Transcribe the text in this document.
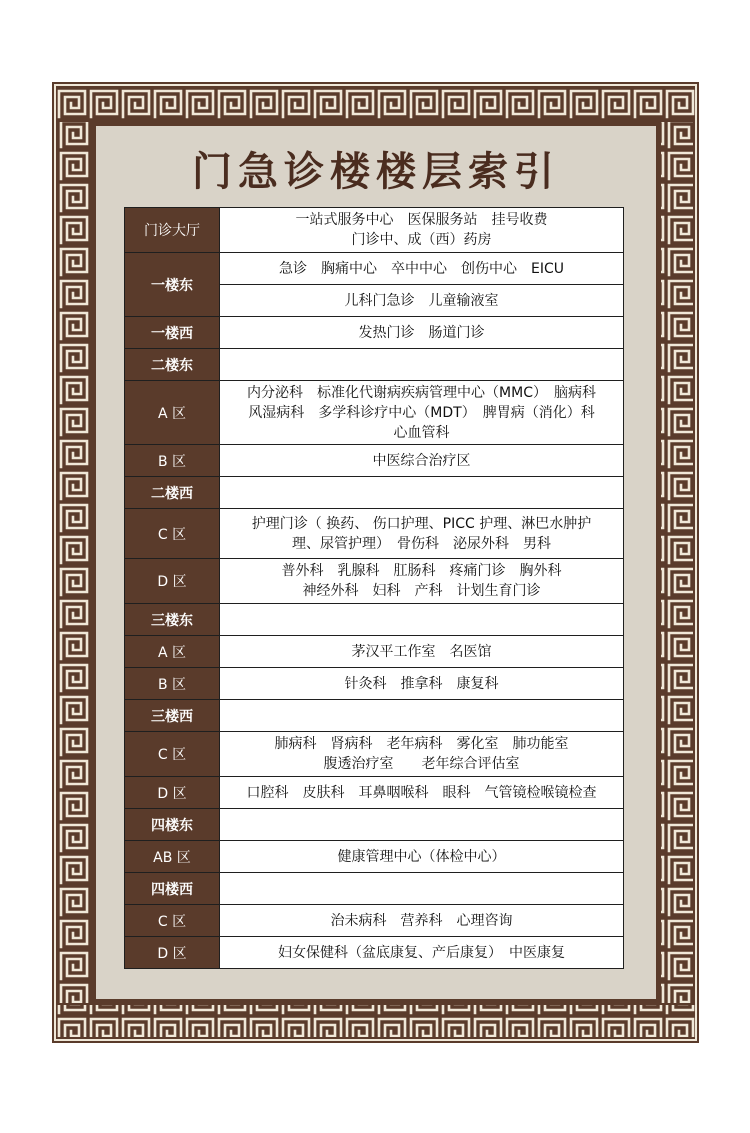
门急诊楼楼层索引
门诊大厅	一站式服务中心　医保服务站　挂号收费
门诊中、成（西）药房

一楼东	急诊　胸痛中心　卒中中心　创伤中心　EICU

	儿科门急诊　儿童输液室

一楼西	发热门诊　肠道门诊

二楼东	
A 区	内分泌科　标准化代谢病疾病管理中心（MMC）　脑病科
风湿病科　多学科诊疗中心（MDT）　脾胃病（消化）科
心血管科

B 区	中医综合治疗区

二楼西	
C 区	护理门诊（ 换药、 伤口护理、PICC 护理、淋巴水肿护
理、尿管护理）　骨伤科　泌尿外科　男科

D 区	普外科　乳腺科　肛肠科　疼痛门诊　胸外科
神经外科　妇科　产科　计划生育门诊

三楼东	
A 区	茅汉平工作室　名医馆

B 区	针灸科　推拿科　康复科

三楼西	
C 区	肺病科　肾病科　老年病科　雾化室　肺功能室
腹透治疗室　　老年综合评估室

D 区	口腔科　皮肤科　耳鼻咽喉科　眼科　气管镜检喉镜检查

四楼东	
AB 区	健康管理中心（体检中心）

四楼西	
C 区	治未病科　营养科　心理咨询

D 区	妇女保健科（盆底康复、产后康复）　中医康复
